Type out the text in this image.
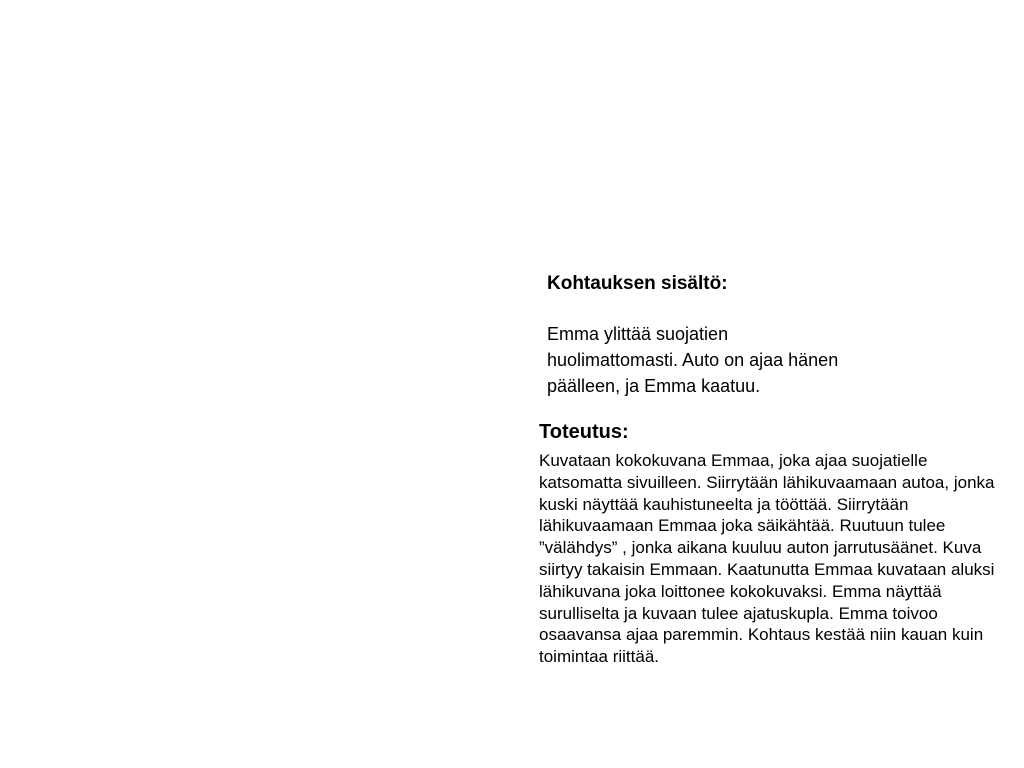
Kohtauksen sisältö:

Emma ylittää suojatien huolimattomasti. Auto on ajaa hänen päälleen, ja Emma kaatuu.

Toteutus:

Kuvataan kokokuvana Emmaa, joka ajaa suojatielle katsomatta sivuilleen. Siirrytään lähikuvaamaan autoa, jonka kuski näyttää kauhistuneelta ja tööttää. Siirrytään lähikuvaamaan Emmaa joka säikähtää. Ruutuun tulee ”välähdys” , jonka aikana kuuluu auton jarrutusäänet. Kuva siirtyy takaisin Emmaan. Kaatunutta Emmaa kuvataan aluksi lähikuvana joka loittonee kokokuvaksi. Emma näyttää surulliselta ja kuvaan tulee ajatuskupla. Emma toivoo osaavansa ajaa paremmin. Kohtaus kestää niin kauan kuin toimintaa riittää.
